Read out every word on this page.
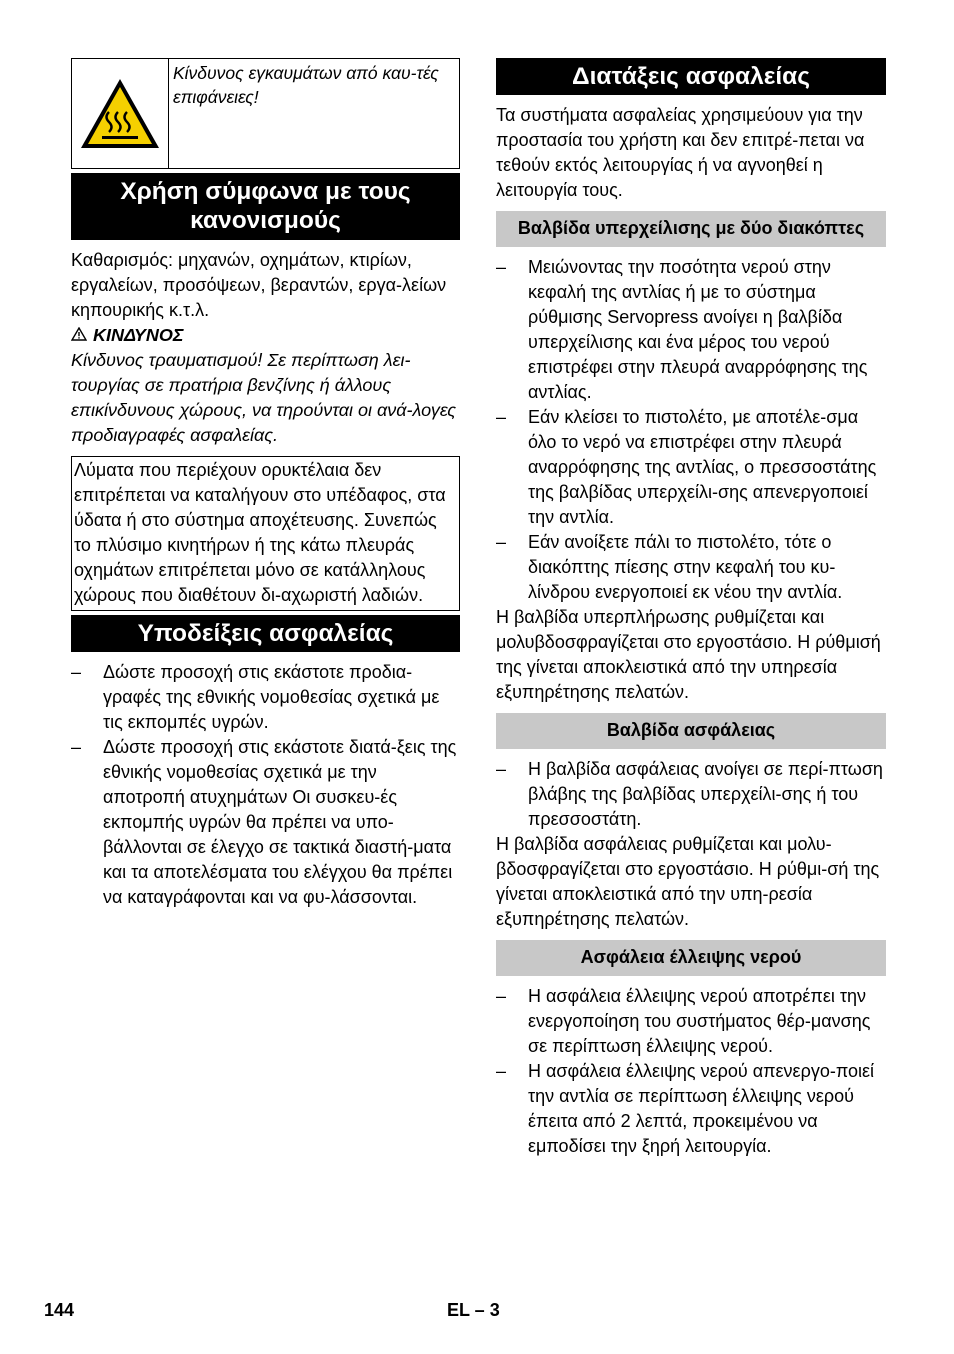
Κίνδυνος εγκαυμάτων από καυ-τές επιφάνειες!
Χρήση σύμφωνα με τους κανονισμούς

Καθαρισμός: μηχανών, οχημάτων, κτιρίων, εργαλείων, προσόψεων, βεραντών, εργα-λείων κηπουρικής κ.τ.λ.

ΚΙΝΔΥΝΟΣ

Κίνδυνος τραυματισμού! Σε περίπτωση λει-τουργίας σε πρατήρια βενζίνης ή άλλους επικίνδυνους χώρους, να τηρούνται οι ανά-λογες προδιαγραφές ασφαλείας.

Λύματα που περιέχουν ορυκτέλαια δεν επιτρέπεται να καταλήγουν στο υπέδαφος, στα ύδατα ή στο σύστημα αποχέτευσης. Συνεπώς το πλύσιμο κινητήρων ή της κάτω πλευράς οχημάτων επιτρέπεται μόνο σε κατάλληλους χώρους που διαθέτουν δι-αχωριστή λαδιών.

Υποδείξεις ασφαλείας
– Δώστε προσοχή στις εκάστοτε προδια-γραφές της εθνικής νομοθεσίας σχετικά με τις εκπομπές υγρών.
– Δώστε προσοχή στις εκάστοτε διατά-ξεις της εθνικής νομοθεσίας σχετικά με την αποτροπή ατυχημάτων Οι συσκευ-ές εκπομπής υγρών θα πρέπει να υπο-βάλλονται σε έλεγχο σε τακτικά διαστή-ματα και τα αποτελέσματα του ελέγχου θα πρέπει να καταγράφονται και να φυ-λάσσονται.
Διατάξεις ασφαλείας

Τα συστήματα ασφαλείας χρησιμεύουν για την προστασία του χρήστη και δεν επιτρέ-πεται να τεθούν εκτός λειτουργίας ή να αγνοηθεί η λειτουργία τους.

Βαλβίδα υπερχείλισης με δύο διακόπτες
– Μειώνοντας την ποσότητα νερού στην κεφαλή της αντλίας ή με το σύστημα ρύθμισης Servopress ανοίγει η βαλβίδα υπερχείλισης και ένα μέρος του νερού επιστρέφει στην πλευρά αναρρόφησης της αντλίας.
– Εάν κλείσει το πιστολέτο, με αποτέλε-σμα όλο το νερό να επιστρέφει στην πλευρά αναρρόφησης της αντλίας, ο πρεσσοστάτης της βαλβίδας υπερχείλι-σης απενεργοποιεί την αντλία.
– Εάν ανοίξετε πάλι το πιστολέτο, τότε ο διακόπτης πίεσης στην κεφαλή του κυ-λίνδρου ενεργοποιεί εκ νέου την αντλία.

Η βαλβίδα υπερπλήρωσης ρυθμίζεται και μολυβδοσφραγίζεται στο εργοστάσιο. Η ρύθμισή της γίνεται αποκλειστικά από την υπηρεσία εξυπηρέτησης πελατών.

Βαλβίδα ασφάλειας
– Η βαλβίδα ασφάλειας ανοίγει σε περί-πτωση βλάβης της βαλβίδας υπερχείλι-σης ή του πρεσσοστάτη.

Η βαλβίδα ασφάλειας ρυθμίζεται και μολυ-βδοσφραγίζεται στο εργοστάσιο. Η ρύθμι-σή της γίνεται αποκλειστικά από την υπη-ρεσία εξυπηρέτησης πελατών.

Ασφάλεια έλλειψης νερού
– Η ασφάλεια έλλειψης νερού αποτρέπει την ενεργοποίηση του συστήματος θέρ-μανσης σε περίπτωση έλλειψης νερού.
– Η ασφάλεια έλλειψης νερού απενεργο-ποιεί την αντλία σε περίπτωση έλλειψης νερού έπειτα από 2 λεπτά, προκειμένου να εμποδίσει την ξηρή λειτουργία.
144	EL – 3
